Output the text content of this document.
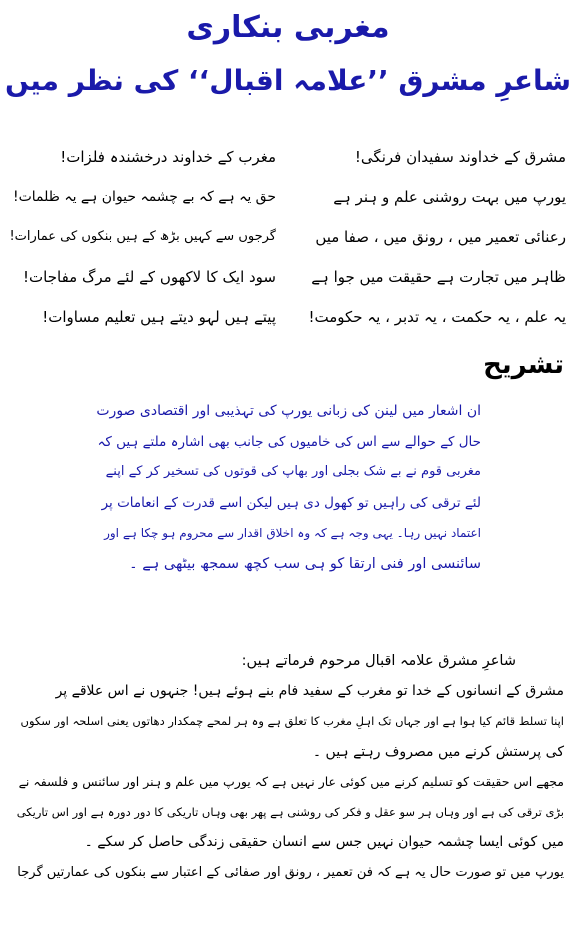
مغربی بنکاری
شاعرِ مشرق ’’علامہ اقبال‘‘ کی نظر میں
مشرق کے خداوند سفیدان فرنگی!
مغرب کے خداوند درخشندہ فلزات!
یورپ میں بہت روشنی علم و ہنر ہے
حق یہ ہے کہ بے چشمہ حیوان ہے یہ ظلمات!
رعنائی تعمیر میں ، رونق میں ، صفا میں
گرجوں سے کہیں بڑھ کے ہیں بنکوں کی عمارات!
ظاہر میں تجارت ہے حقیقت میں جوا ہے
سود ایک کا لاکھوں کے لئے مرگ مفاجات!
یہ علم ، یہ حکمت ، یہ تدبر ، یہ حکومت!
پیتے ہیں لہو دیتے ہیں تعلیم مساوات!
تشریح
ان اشعار میں لینن کی زبانی یورپ کی تہذیبی اور اقتصادی صورت
حال کے حوالے سے اس کی خامیوں کی جانب بھی اشارہ ملتے ہیں کہ
مغربی قوم نے بے شک بجلی اور بھاپ کی قوتوں کی تسخیر کر کے اپنے
لئے ترقی کی راہیں تو کھول دی ہیں لیکن اسے قدرت کے انعامات پر
اعتماد نہیں رہا۔ یہی وجہ ہے کہ وہ اخلاق اقدار سے محروم ہو چکا ہے اور
سائنسی اور فنی ارتقا کو ہی سب کچھ سمجھ بیٹھی ہے ۔
شاعرِ مشرق علامہ اقبال مرحوم فرماتے ہیں:
مشرق کے انسانوں کے خدا تو مغرب کے سفید فام بنے ہوئے ہیں! جنہوں نے اس علاقے پر
اپنا تسلط قائم کیا ہوا ہے اور جہاں تک اہلِ مغرب کا تعلق ہے وہ ہر لمحے چمکدار دھاتوں یعنی اسلحہ اور سکوں
کی پرستش کرنے میں مصروف رہتے ہیں ۔
مجھے اس حقیقت کو تسلیم کرنے میں کوئی عار نہیں ہے کہ یورپ میں علم و ہنر اور سائنس و فلسفہ نے
بڑی ترقی کی ہے اور وہاں ہر سو عقل و فکر کی روشنی ہے پھر بھی وہاں تاریکی کا دور دورہ ہے اور اس تاریکی
میں کوئی ایسا چشمہ حیوان نہیں جس سے انسان حقیقی زندگی حاصل کر سکے ۔
یورپ میں تو صورت حال یہ ہے کہ فن تعمیر ، رونق اور صفائی کے اعتبار سے بنکوں کی عمارتیں گرجا
